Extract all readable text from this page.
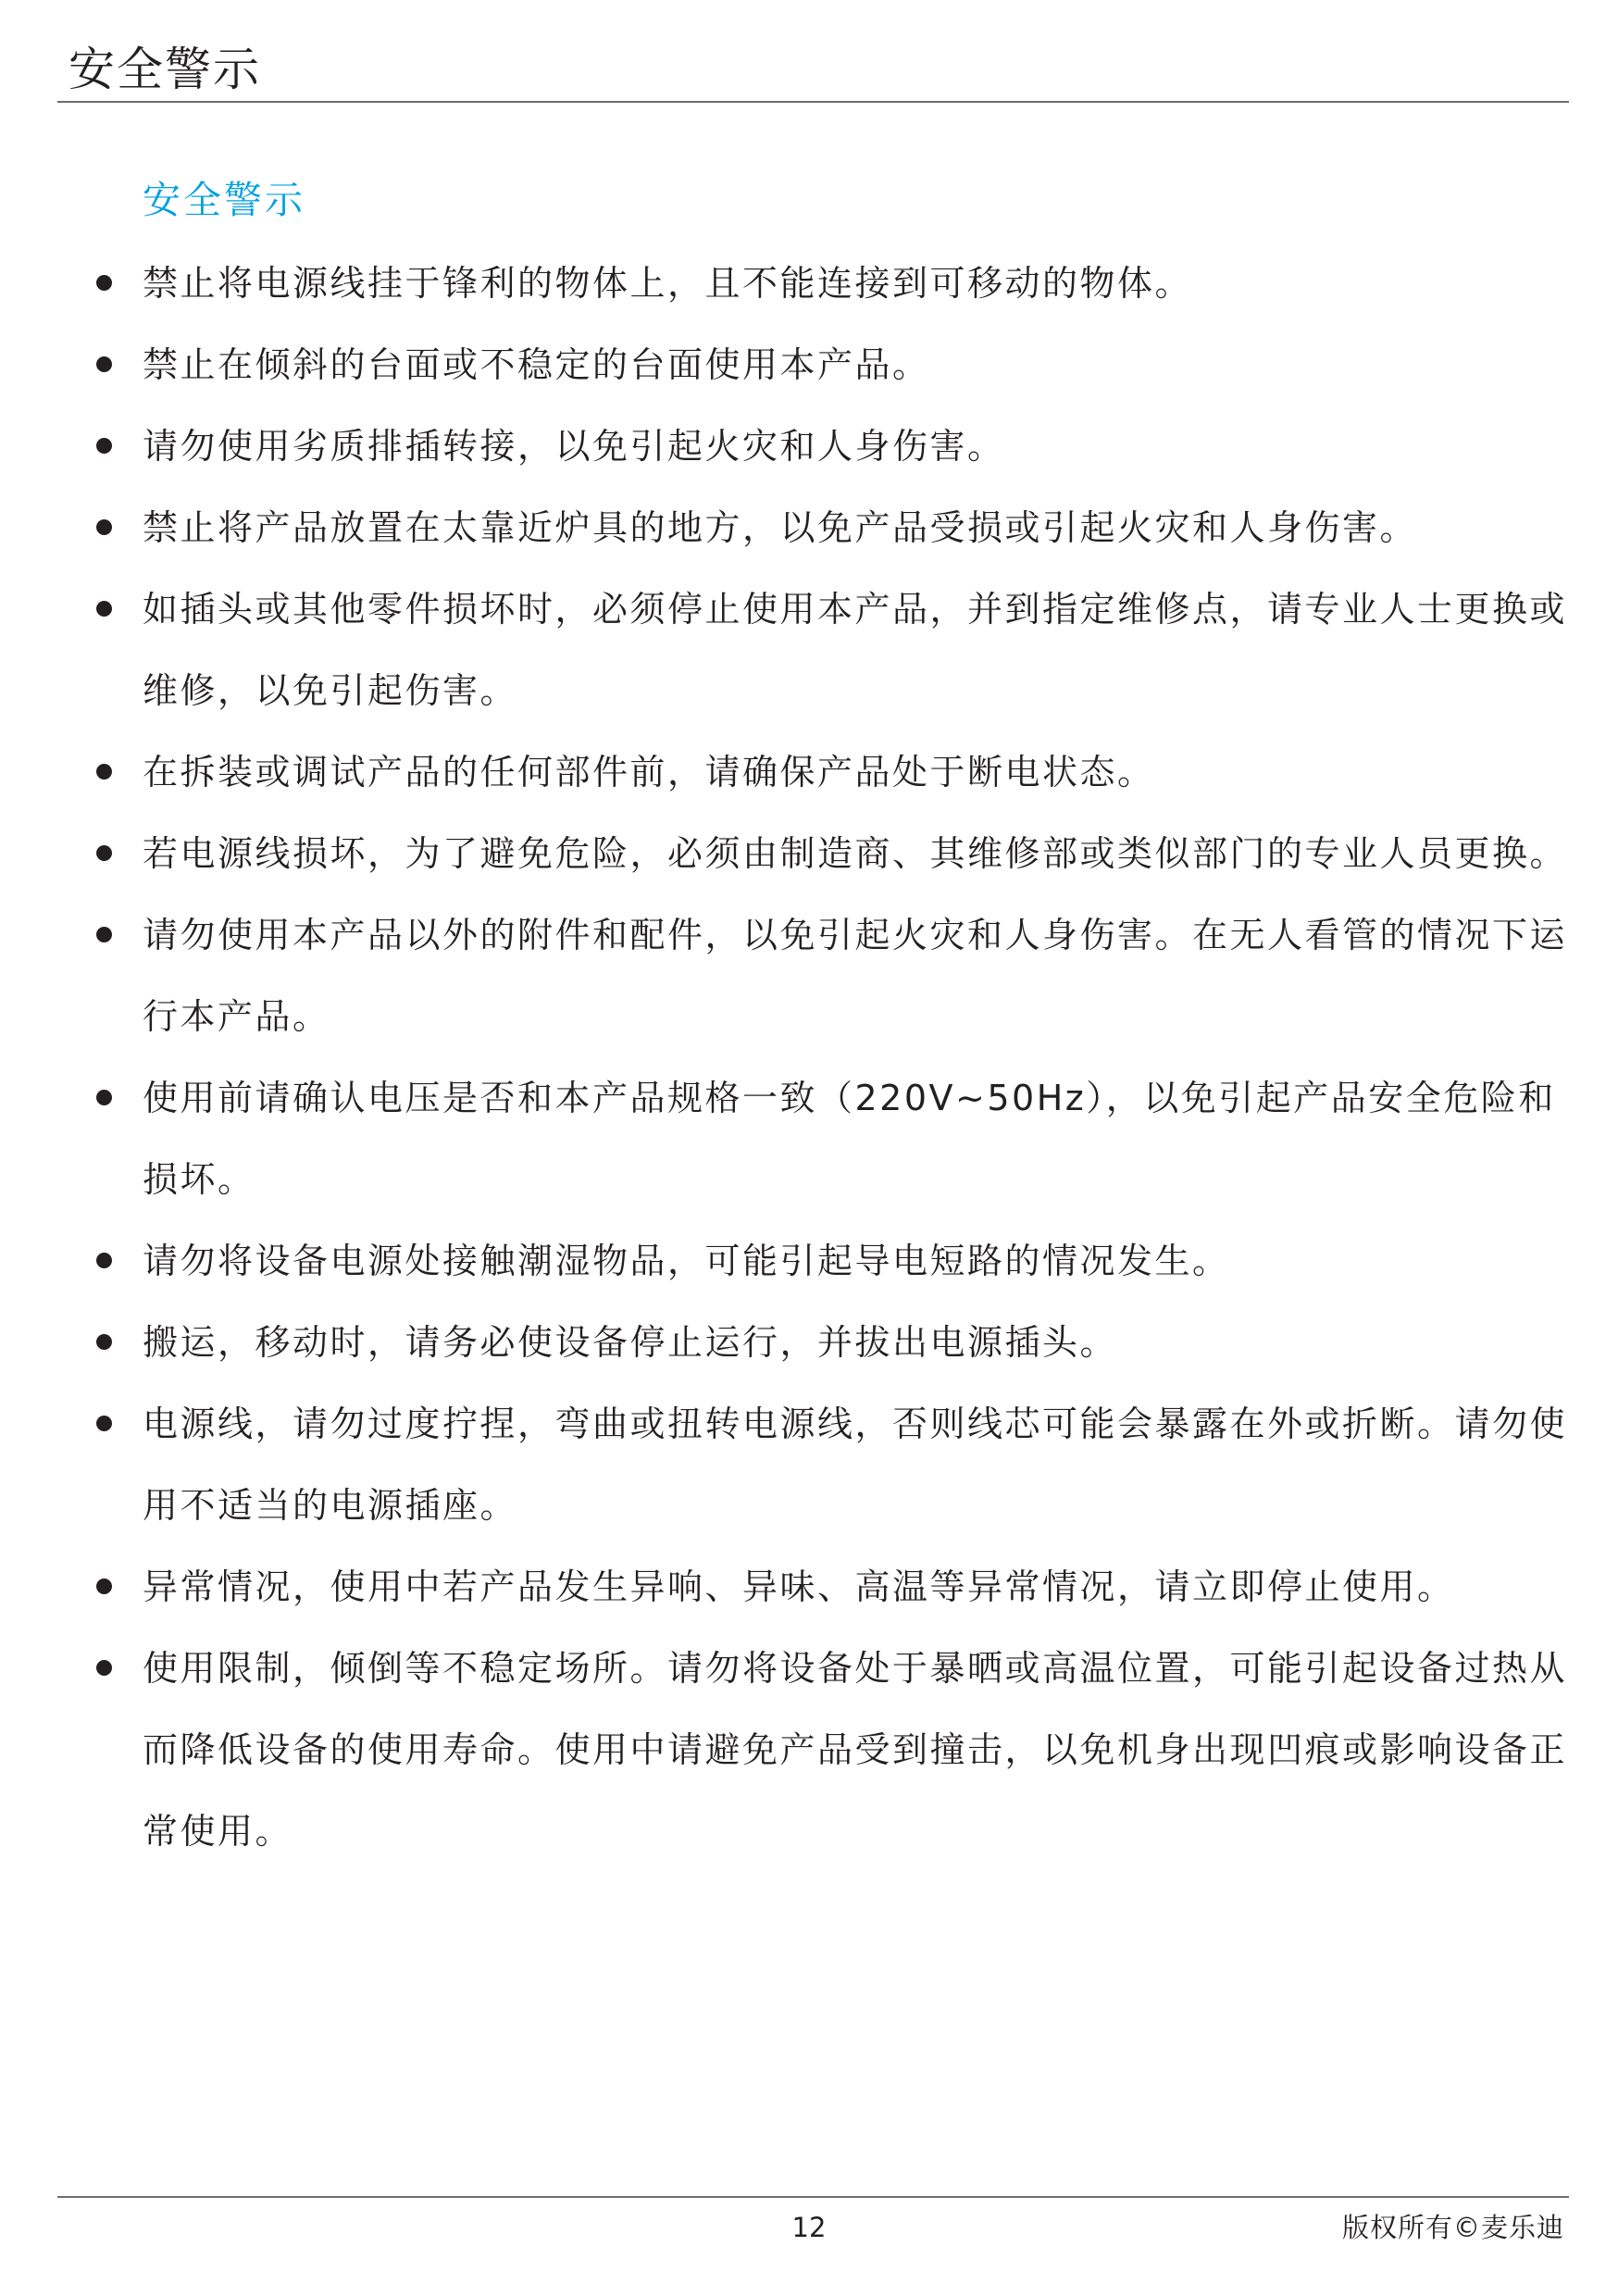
安全警示
安全警示
禁止将电源线挂于锋利的物体上，且不能连接到可移动的物体。
禁止在倾斜的台面或不稳定的台面使用本产品。
请勿使用劣质排插转接，以免引起火灾和人身伤害。
禁止将产品放置在太靠近炉具的地方，以免产品受损或引起火灾和人身伤害。
如插头或其他零件损坏时，必须停止使用本产品，并到指定维修点，请专业人士更换或维修，以免引起伤害。
在拆装或调试产品的任何部件前，请确保产品处于断电状态。
若电源线损坏，为了避免危险，必须由制造商、其维修部或类似部门的专业人员更换。
请勿使用本产品以外的附件和配件，以免引起火灾和人身伤害。在无人看管的情况下运行本产品。
使用前请确认电压是否和本产品规格一致（220V~50Hz），以免引起产品安全危险和损坏。
请勿将设备电源处接触潮湿物品，可能引起导电短路的情况发生。
搬运，移动时，请务必使设备停止运行，并拔出电源插头。
电源线，请勿过度拧捏，弯曲或扭转电源线，否则线芯可能会暴露在外或折断。请勿使用不适当的电源插座。
异常情况，使用中若产品发生异响、异味、高温等异常情况，请立即停止使用。
使用限制，倾倒等不稳定场所。请勿将设备处于暴晒或高温位置，可能引起设备过热从而降低设备的使用寿命。使用中请避免产品受到撞击，以免机身出现凹痕或影响设备正常使用。
12	版权所有©麦乐迪
